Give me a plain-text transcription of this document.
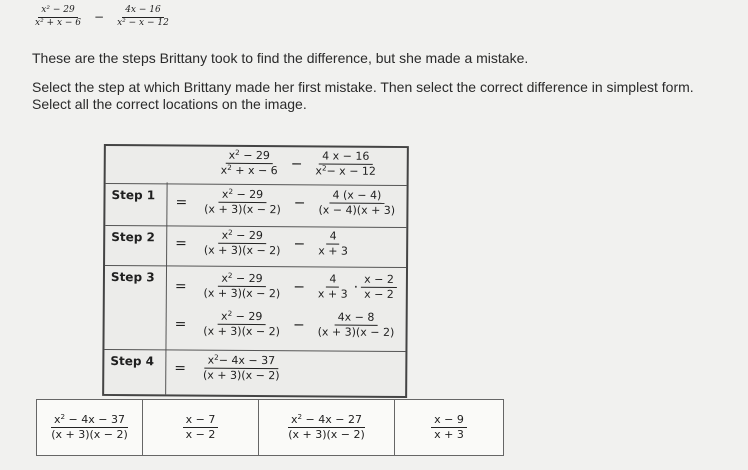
$\frac{\text{x² − 29}}{\text{x² + x − 6}} - \frac{4x - 16}{\text{x² − x − 12}}$
These are the steps Brittany took to find the difference, but she made a mistake.
Select the step at which Brittany made her first mistake. Then select the correct difference in simplest form.
Select all the correct locations on the image.
$\frac{x^2 - 29}{x^2 + x - 6} - \frac{4 x - 16}{x^2- x - 12}$
Step $1 = \frac{x^2 - 29}{(x + 3)(x - 2)} - \frac{4 (x - 4)}{(x - 4)(x + 3)}$
Step $2 = \frac{x^2 - 29}{(x + 3)(x - 2)} - \frac{4}{x + 3}$
Step 3
= $\frac{x^2 - 29}{(x + 3)(x - 2)} - \frac{4}{x + 3} \cdot \frac{x - 2}{x - 2}$
= $\frac{x^2 - 29}{(x + 3)(x - 2)} - \frac{4x - 8}{(x + 3)(x - 2)}$
Step $4 = \frac{x^2- 4x - 37}{(x + 3)(x - 2)}$
$\frac{x^2 - 4x - 37}{(x + 3)(x - 2)}$	$\frac{x - 7}{x - 2}$	$\frac{x^2 - 4x - 27}{(x + 3)(x - 2)}$	$\frac{x - 9}{x + 3}$
